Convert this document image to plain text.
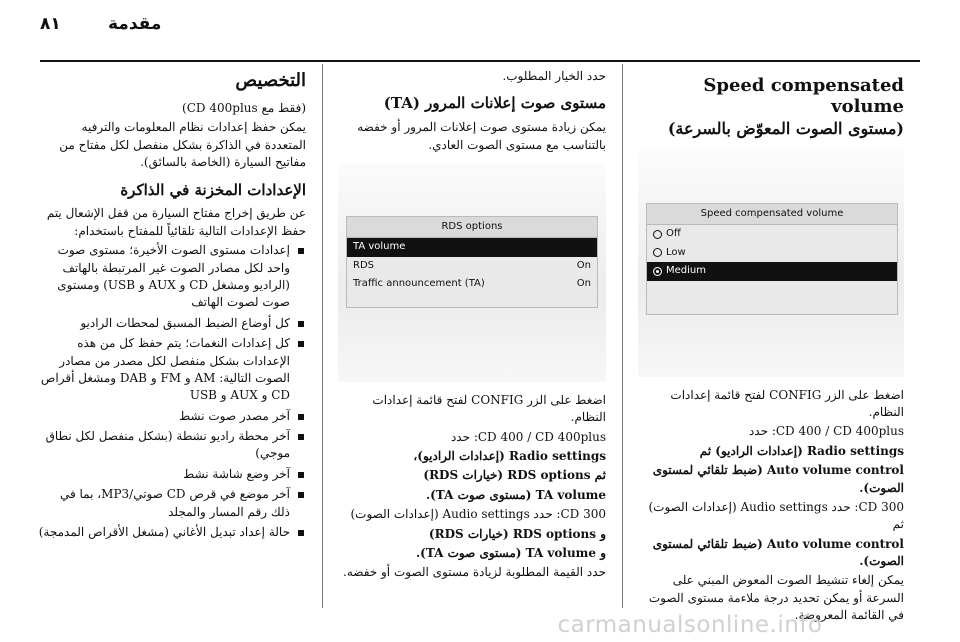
٨١	مقدمة
Speed compensated volume
(مستوى الصوت المعوّض بالسرعة)
Speed compensated volume
Off
Low
Medium

اضغط على الزر CONFIG لفتح قائمة إعدادات النظام.

CD 400 / CD 400plus: حدد

Radio settings (إعدادات الراديو) ثم

Auto volume control (ضبط تلقائي لمستوى الصوت).

CD 300: حدد Audio settings (إعدادات الصوت) ثم

Auto volume control (ضبط تلقائي لمستوى الصوت).

يمكن إلغاء تنشيط الصوت المعوض المبني على السرعة أو يمكن تحديد درجة ملاءمة مستوى الصوت في القائمة المعروضة.

حدد الخيار المطلوب.

مستوى صوت إعلانات المرور (TA)

يمكن زيادة مستوى صوت إعلانات المرور أو خفضه بالتناسب مع مستوى الصوت العادي.

RDS options
TA volume
RDS	On
Traffic announcement (TA)	On

اضغط على الزر CONFIG لفتح قائمة إعدادات النظام.

CD 400 / CD 400plus: حدد

Radio settings (إعدادات الراديو)،

ثم RDS options (خيارات RDS)

TA volume (مستوى صوت TA).

CD 300: حدد Audio settings (إعدادات الصوت)

و RDS options (خيارات RDS)

و TA volume (مستوى صوت TA).

حدد القيمة المطلوبة لزيادة مستوى الصوت أو خفضه.

التخصيص

(فقط مع CD 400plus)

يمكن حفظ إعدادات نظام المعلومات والترفيه المتعددة في الذاكرة بشكل منفصل لكل مفتاح من مفاتيح السيارة (الخاصة بالسائق).

الإعدادات المخزنة في الذاكرة

عن طريق إخراج مفتاح السيارة من قفل الإشعال يتم حفظ الإعدادات التالية تلقائياً للمفتاح باستخدام:

إعدادات مستوى الصوت الأخيرة؛ مستوى صوت واحد لكل مصادر الصوت غير المرتبطة بالهاتف (الراديو ومشغل CD و AUX و USB) ومستوى صوت لصوت الهاتف
كل أوضاع الضبط المسبق لمحطات الراديو
كل إعدادات النغمات؛ يتم حفظ كل من هذه الإعدادات بشكل منفصل لكل مصدر من مصادر الصوت التالية: AM و FM و DAB ومشغل أقراص CD و AUX و USB
آخر مصدر صوت نشط
آخر محطة راديو نشطة (بشكل منفصل لكل نطاق موجي)
آخر وضع شاشة نشط
آخر موضع في قرص CD صوتي/MP3، بما في ذلك رقم المسار والمجلد
حالة إعداد تبديل الأغاني (مشغل الأقراص المدمجة)
carmanualsonline.info
